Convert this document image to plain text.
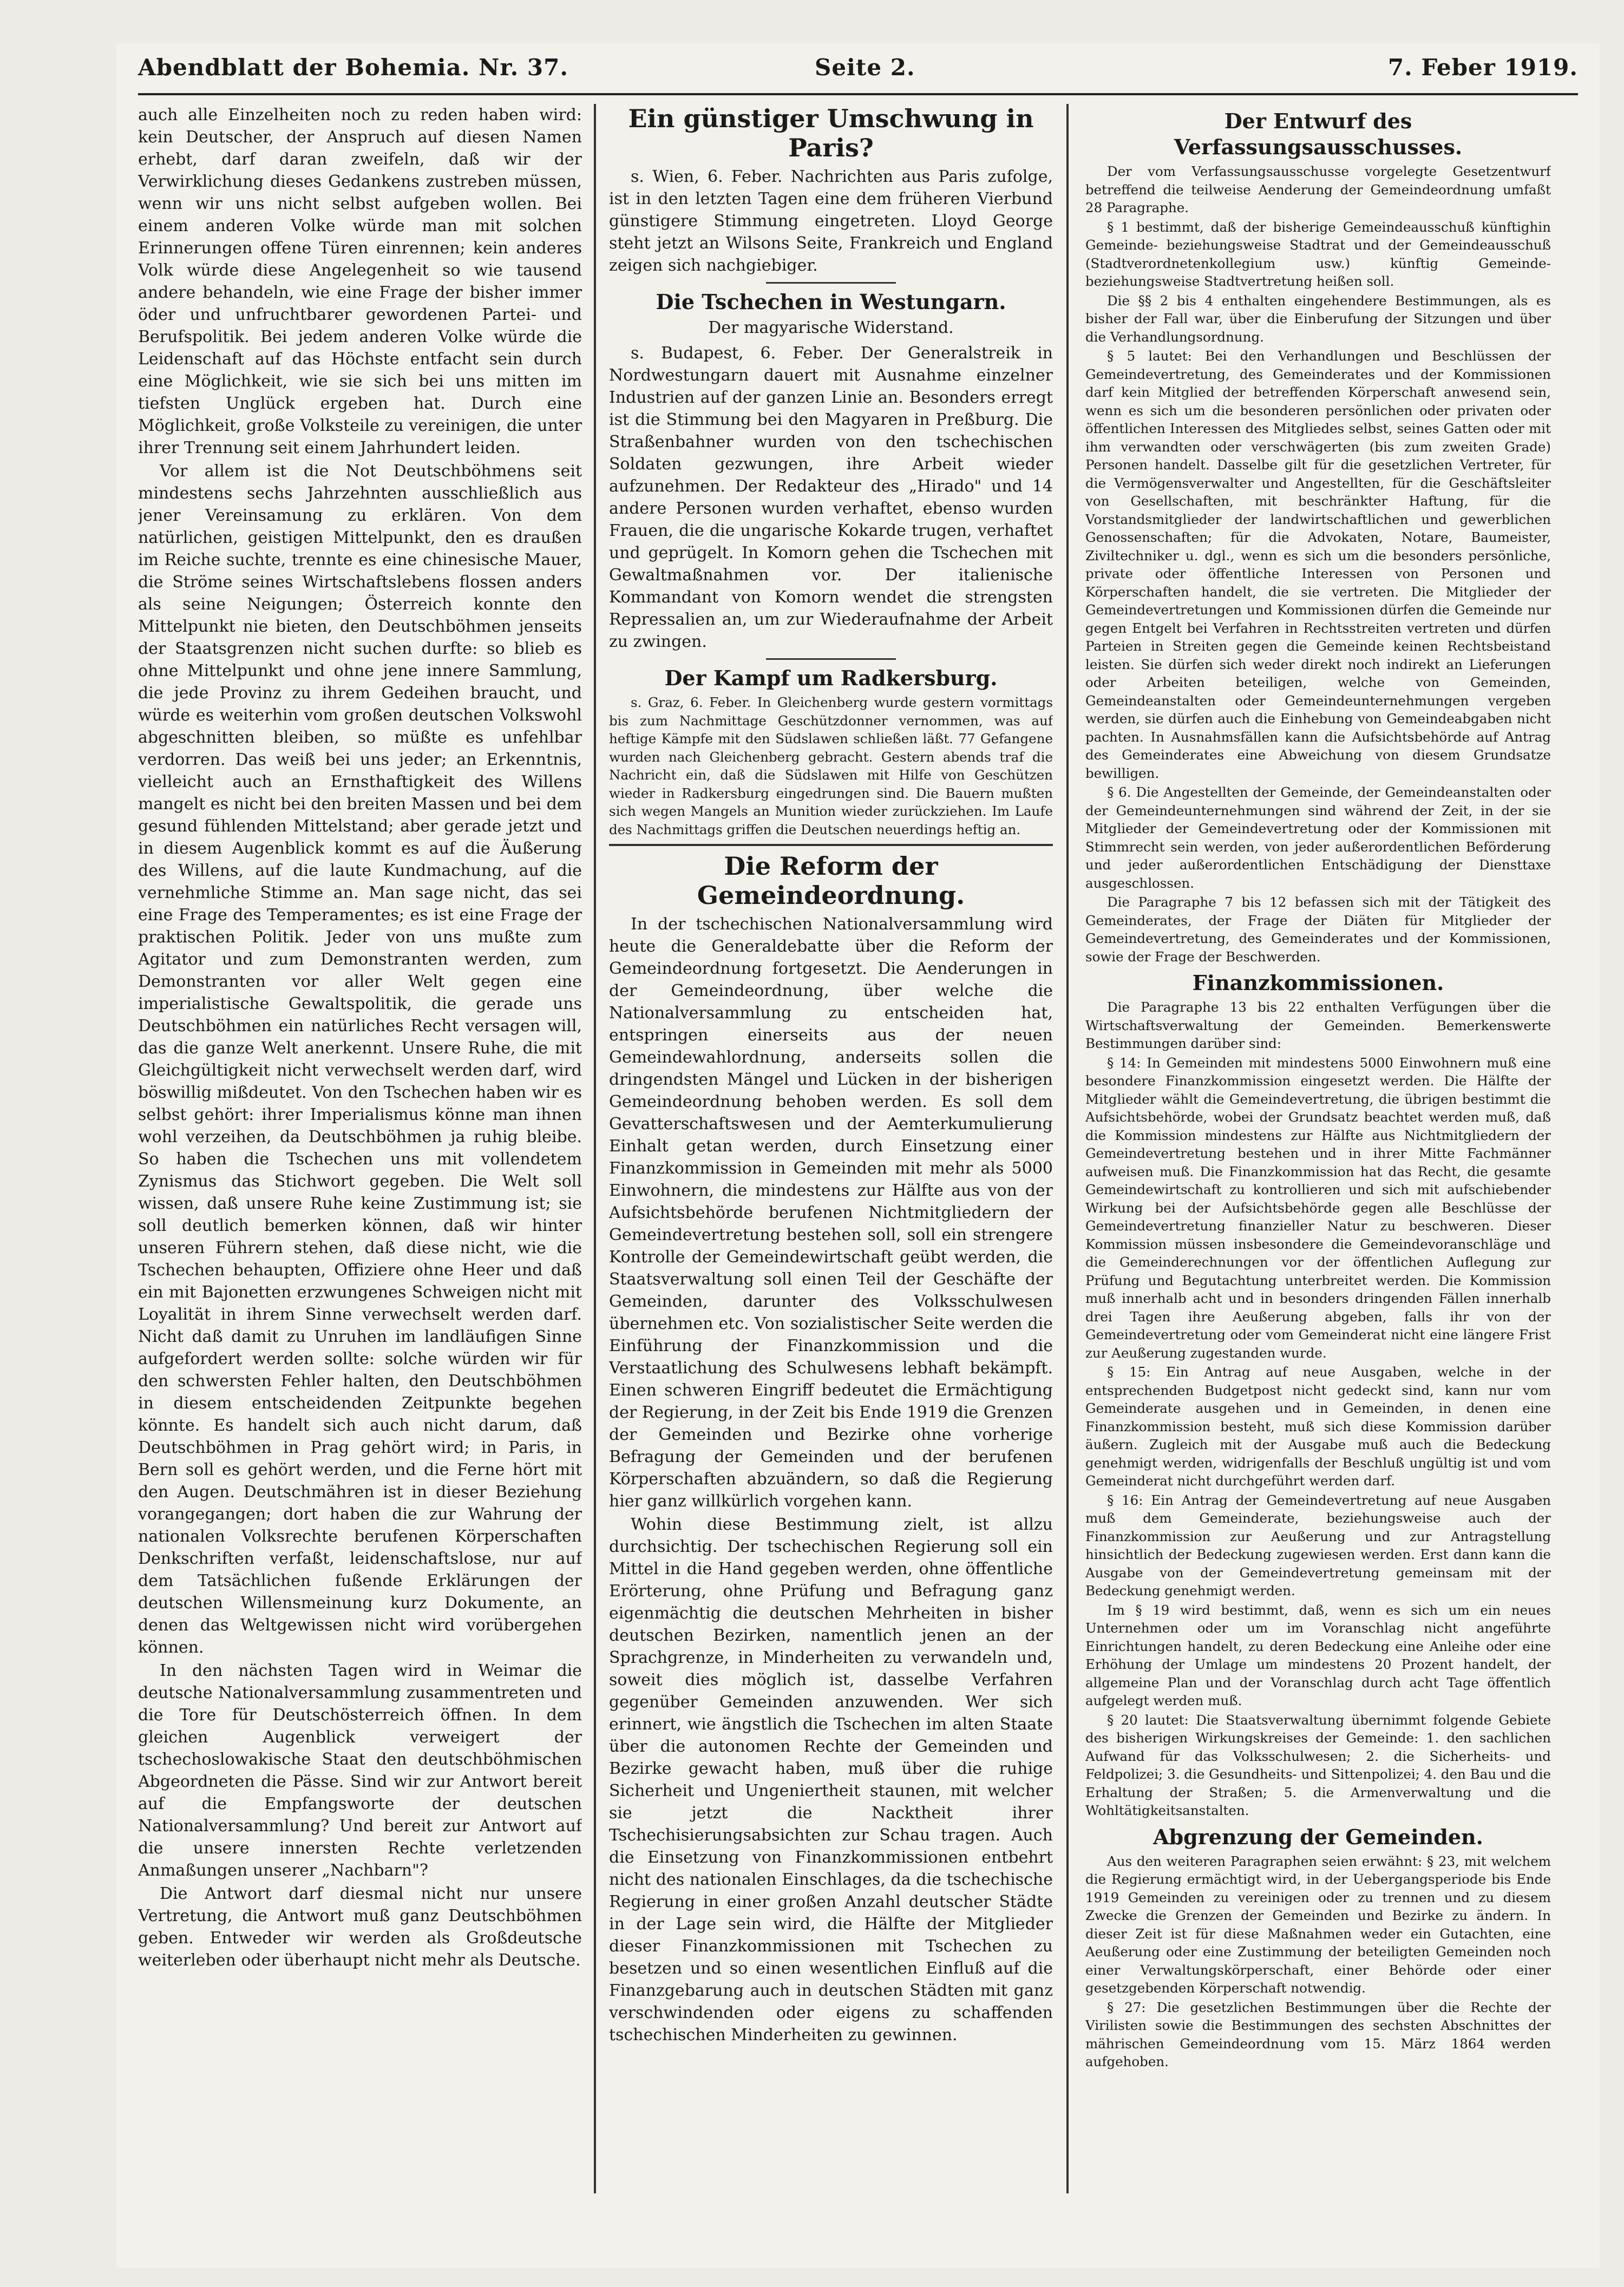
Abendblatt der Bohemia. Nr. 37.	Seite 2.	7. Feber 1919.

auch alle Einzelheiten noch zu reden haben wird: kein Deutscher, der Anspruch auf diesen Namen erhebt, darf daran zweifeln, daß wir der Verwirklichung dieses Gedankens zustreben müssen, wenn wir uns nicht selbst aufgeben wollen. Bei einem anderen Volke würde man mit solchen Erinnerungen offene Türen einrennen; kein anderes Volk würde diese Angelegenheit so wie tausend andere behandeln, wie eine Frage der bisher immer öder und unfruchtbarer gewordenen Partei- und Berufspolitik. Bei jedem anderen Volke würde die Leidenschaft auf das Höchste entfacht sein durch eine Möglichkeit, wie sie sich bei uns mitten im tiefsten Unglück ergeben hat. Durch eine Möglichkeit, große Volksteile zu vereinigen, die unter ihrer Trennung seit einem Jahrhundert leiden.

Vor allem ist die Not Deutschböhmens seit mindestens sechs Jahrzehnten ausschließlich aus jener Vereinsamung zu erklären. Von dem natürlichen, geistigen Mittelpunkt, den es draußen im Reiche suchte, trennte es eine chinesische Mauer, die Ströme seines Wirtschaftslebens flossen anders als seine Neigungen; Österreich konnte den Mittelpunkt nie bieten, den Deutschböhmen jenseits der Staatsgrenzen nicht suchen durfte: so blieb es ohne Mittelpunkt und ohne jene innere Sammlung, die jede Provinz zu ihrem Gedeihen braucht, und würde es weiterhin vom großen deutschen Volkswohl abgeschnitten bleiben, so müßte es unfehlbar verdorren. Das weiß bei uns jeder; an Erkenntnis, vielleicht auch an Ernsthaftigkeit des Willens mangelt es nicht bei den breiten Massen und bei dem gesund fühlenden Mittelstand; aber gerade jetzt und in diesem Augenblick kommt es auf die Äußerung des Willens, auf die laute Kundmachung, auf die vernehmliche Stimme an. Man sage nicht, das sei eine Frage des Temperamentes; es ist eine Frage der praktischen Politik. Jeder von uns mußte zum Agitator und zum Demonstranten werden, zum Demonstranten vor aller Welt gegen eine imperialistische Gewaltspolitik, die gerade uns Deutschböhmen ein natürliches Recht versagen will, das die ganze Welt anerkennt. Unsere Ruhe, die mit Gleichgültigkeit nicht verwechselt werden darf, wird böswillig mißdeutet. Von den Tschechen haben wir es selbst gehört: ihrer Imperialismus könne man ihnen wohl verzeihen, da Deutschböhmen ja ruhig bleibe. So haben die Tschechen uns mit vollendetem Zynismus das Stichwort gegeben. Die Welt soll wissen, daß unsere Ruhe keine Zustimmung ist; sie soll deutlich bemerken können, daß wir hinter unseren Führern stehen, daß diese nicht, wie die Tschechen behaupten, Offiziere ohne Heer und daß ein mit Bajonetten erzwungenes Schweigen nicht mit Loyalität in ihrem Sinne verwechselt werden darf. Nicht daß damit zu Unruhen im landläufigen Sinne aufgefordert werden sollte: solche würden wir für den schwersten Fehler halten, den Deutschböhmen in diesem entscheidenden Zeitpunkte begehen könnte. Es handelt sich auch nicht darum, daß Deutschböhmen in Prag gehört wird; in Paris, in Bern soll es gehört werden, und die Ferne hört mit den Augen. Deutschmähren ist in dieser Beziehung vorangegangen; dort haben die zur Wahrung der nationalen Volksrechte berufenen Körperschaften Denkschriften verfaßt, leidenschaftslose, nur auf dem Tatsächlichen fußende Erklärungen der deutschen Willensmeinung kurz Dokumente, an denen das Weltgewissen nicht wird vorübergehen können.

In den nächsten Tagen wird in Weimar die deutsche Nationalversammlung zusammentreten und die Tore für Deutschösterreich öffnen. In dem gleichen Augenblick verweigert der tschechoslowakische Staat den deutschböhmischen Abgeordneten die Pässe. Sind wir zur Antwort bereit auf die Empfangsworte der deutschen Nationalversammlung? Und bereit zur Antwort auf die unsere innersten Rechte verletzenden Anmaßungen unserer „Nachbarn"?

Die Antwort darf diesmal nicht nur unsere Vertretung, die Antwort muß ganz Deutschböhmen geben. Entweder wir werden als Großdeutsche weiterleben oder überhaupt nicht mehr als Deutsche.

Ein günstiger Umschwung in Paris?

s. Wien, 6. Feber. Nachrichten aus Paris zufolge, ist in den letzten Tagen eine dem früheren Vierbund günstigere Stimmung eingetreten. Lloyd George steht jetzt an Wilsons Seite, Frankreich und England zeigen sich nachgiebiger.

Die Tschechen in Westungarn.
Der magyarische Widerstand.

s. Budapest, 6. Feber. Der Generalstreik in Nordwestungarn dauert mit Ausnahme einzelner Industrien auf der ganzen Linie an. Besonders erregt ist die Stimmung bei den Magyaren in Preßburg. Die Straßenbahner wurden von den tschechischen Soldaten gezwungen, ihre Arbeit wieder aufzunehmen. Der Redakteur des „Hirado" und 14 andere Personen wurden verhaftet, ebenso wurden Frauen, die die ungarische Kokarde trugen, verhaftet und geprügelt. In Komorn gehen die Tschechen mit Gewaltmaßnahmen vor. Der italienische Kommandant von Komorn wendet die strengsten Repressalien an, um zur Wiederaufnahme der Arbeit zu zwingen.

Der Kampf um Radkersburg.

s. Graz, 6. Feber. In Gleichenberg wurde gestern vormittags bis zum Nachmittage Geschützdonner vernommen, was auf heftige Kämpfe mit den Südslawen schließen läßt. 77 Gefangene wurden nach Gleichenberg gebracht. Gestern abends traf die Nachricht ein, daß die Südslawen mit Hilfe von Geschützen wieder in Radkersburg eingedrungen sind. Die Bauern mußten sich wegen Mangels an Munition wieder zurückziehen. Im Laufe des Nachmittags griffen die Deutschen neuerdings heftig an.

Die Reform der Gemeindeordnung.

In der tschechischen Nationalversammlung wird heute die Generaldebatte über die Reform der Gemeindeordnung fortgesetzt. Die Aenderungen in der Gemeindeordnung, über welche die Nationalversammlung zu entscheiden hat, entspringen einerseits aus der neuen Gemeindewahlordnung, anderseits sollen die dringendsten Mängel und Lücken in der bisherigen Gemeindeordnung behoben werden. Es soll dem Gevatterschaftswesen und der Aemterkumulierung Einhalt getan werden, durch Einsetzung einer Finanzkommission in Gemeinden mit mehr als 5000 Einwohnern, die mindestens zur Hälfte aus von der Aufsichtsbehörde berufenen Nichtmitgliedern der Gemeindevertretung bestehen soll, soll ein strengere Kontrolle der Gemeindewirtschaft geübt werden, die Staatsverwaltung soll einen Teil der Geschäfte der Gemeinden, darunter des Volksschulwesen übernehmen etc. Von sozialistischer Seite werden die Einführung der Finanzkommission und die Verstaatlichung des Schulwesens lebhaft bekämpft. Einen schweren Eingriff bedeutet die Ermächtigung der Regierung, in der Zeit bis Ende 1919 die Grenzen der Gemeinden und Bezirke ohne vorherige Befragung der Gemeinden und der berufenen Körperschaften abzuändern, so daß die Regierung hier ganz willkürlich vorgehen kann.

Wohin diese Bestimmung zielt, ist allzu durchsichtig. Der tschechischen Regierung soll ein Mittel in die Hand gegeben werden, ohne öffentliche Erörterung, ohne Prüfung und Befragung ganz eigenmächtig die deutschen Mehrheiten in bisher deutschen Bezirken, namentlich jenen an der Sprachgrenze, in Minderheiten zu verwandeln und, soweit dies möglich ist, dasselbe Verfahren gegenüber Gemeinden anzuwenden. Wer sich erinnert, wie ängstlich die Tschechen im alten Staate über die autonomen Rechte der Gemeinden und Bezirke gewacht haben, muß über die ruhige Sicherheit und Ungeniertheit staunen, mit welcher sie jetzt die Nacktheit ihrer Tschechisierungsabsichten zur Schau tragen. Auch die Einsetzung von Finanzkommissionen entbehrt nicht des nationalen Einschlages, da die tschechische Regierung in einer großen Anzahl deutscher Städte in der Lage sein wird, die Hälfte der Mitglieder dieser Finanzkommissionen mit Tschechen zu besetzen und so einen wesentlichen Einfluß auf die Finanzgebarung auch in deutschen Städten mit ganz verschwindenden oder eigens zu schaffenden tschechischen Minderheiten zu gewinnen.

Der Entwurf des Verfassungsausschusses.

Der vom Verfassungsausschusse vorgelegte Gesetzentwurf betreffend die teilweise Aenderung der Gemeindeordnung umfaßt 28 Paragraphe.

§ 1 bestimmt, daß der bisherige Gemeindeausschuß künftighin Gemeinde- beziehungsweise Stadtrat und der Gemeindeausschuß (Stadtverordnetenkollegium usw.) künftig Gemeinde- beziehungsweise Stadtvertretung heißen soll.

Die §§ 2 bis 4 enthalten eingehendere Bestimmungen, als es bisher der Fall war, über die Einberufung der Sitzungen und über die Verhandlungsordnung.

§ 5 lautet: Bei den Verhandlungen und Beschlüssen der Gemeindevertretung, des Gemeinderates und der Kommissionen darf kein Mitglied der betreffenden Körperschaft anwesend sein, wenn es sich um die besonderen persönlichen oder privaten oder öffentlichen Interessen des Mitgliedes selbst, seines Gatten oder mit ihm verwandten oder verschwägerten (bis zum zweiten Grade) Personen handelt. Dasselbe gilt für die gesetzlichen Vertreter, für die Vermögensverwalter und Angestellten, für die Geschäftsleiter von Gesellschaften, mit beschränkter Haftung, für die Vorstandsmitglieder der landwirtschaftlichen und gewerblichen Genossenschaften; für die Advokaten, Notare, Baumeister, Ziviltechniker u. dgl., wenn es sich um die besonders persönliche, private oder öffentliche Interessen von Personen und Körperschaften handelt, die sie vertreten. Die Mitglieder der Gemeindevertretungen und Kommissionen dürfen die Gemeinde nur gegen Entgelt bei Verfahren in Rechtsstreiten vertreten und dürfen Parteien in Streiten gegen die Gemeinde keinen Rechtsbeistand leisten. Sie dürfen sich weder direkt noch indirekt an Lieferungen oder Arbeiten beteiligen, welche von Gemeinden, Gemeindeanstalten oder Gemeindeunternehmungen vergeben werden, sie dürfen auch die Einhebung von Gemeindeabgaben nicht pachten. In Ausnahmsfällen kann die Aufsichtsbehörde auf Antrag des Gemeinderates eine Abweichung von diesem Grundsatze bewilligen.

§ 6. Die Angestellten der Gemeinde, der Gemeindeanstalten oder der Gemeindeunternehmungen sind während der Zeit, in der sie Mitglieder der Gemeindevertretung oder der Kommissionen mit Stimmrecht sein werden, von jeder außerordentlichen Beförderung und jeder außerordentlichen Entschädigung der Diensttaxe ausgeschlossen.

Die Paragraphe 7 bis 12 befassen sich mit der Tätigkeit des Gemeinderates, der Frage der Diäten für Mitglieder der Gemeindevertretung, des Gemeinderates und der Kommissionen, sowie der Frage der Beschwerden.

Finanzkommissionen.

Die Paragraphe 13 bis 22 enthalten Verfügungen über die Wirtschaftsverwaltung der Gemeinden. Bemerkenswerte Bestimmungen darüber sind:

§ 14: In Gemeinden mit mindestens 5000 Einwohnern muß eine besondere Finanzkommission eingesetzt werden. Die Hälfte der Mitglieder wählt die Gemeindevertretung, die übrigen bestimmt die Aufsichtsbehörde, wobei der Grundsatz beachtet werden muß, daß die Kommission mindestens zur Hälfte aus Nichtmitgliedern der Gemeindevertretung bestehen und in ihrer Mitte Fachmänner aufweisen muß. Die Finanzkommission hat das Recht, die gesamte Gemeindewirtschaft zu kontrollieren und sich mit aufschiebender Wirkung bei der Aufsichtsbehörde gegen alle Beschlüsse der Gemeindevertretung finanzieller Natur zu beschweren. Dieser Kommission müssen insbesondere die Gemeindevoranschläge und die Gemeinderechnungen vor der öffentlichen Auflegung zur Prüfung und Begutachtung unterbreitet werden. Die Kommission muß innerhalb acht und in besonders dringenden Fällen innerhalb drei Tagen ihre Aeußerung abgeben, falls ihr von der Gemeindevertretung oder vom Gemeinderat nicht eine längere Frist zur Aeußerung zugestanden wurde.

§ 15: Ein Antrag auf neue Ausgaben, welche in der entsprechenden Budgetpost nicht gedeckt sind, kann nur vom Gemeinderate ausgehen und in Gemeinden, in denen eine Finanzkommission besteht, muß sich diese Kommission darüber äußern. Zugleich mit der Ausgabe muß auch die Bedeckung genehmigt werden, widrigenfalls der Beschluß ungültig ist und vom Gemeinderat nicht durchgeführt werden darf.

§ 16: Ein Antrag der Gemeindevertretung auf neue Ausgaben muß dem Gemeinderate, beziehungsweise auch der Finanzkommission zur Aeußerung und zur Antragstellung hinsichtlich der Bedeckung zugewiesen werden. Erst dann kann die Ausgabe von der Gemeindevertretung gemeinsam mit der Bedeckung genehmigt werden.

Im § 19 wird bestimmt, daß, wenn es sich um ein neues Unternehmen oder um im Voranschlag nicht angeführte Einrichtungen handelt, zu deren Bedeckung eine Anleihe oder eine Erhöhung der Umlage um mindestens 20 Prozent handelt, der allgemeine Plan und der Voranschlag durch acht Tage öffentlich aufgelegt werden muß.

§ 20 lautet: Die Staatsverwaltung übernimmt folgende Gebiete des bisherigen Wirkungskreises der Gemeinde: 1. den sachlichen Aufwand für das Volksschulwesen; 2. die Sicherheits- und Feldpolizei; 3. die Gesundheits- und Sittenpolizei; 4. den Bau und die Erhaltung der Straßen; 5. die Armenverwaltung und die Wohltätigkeitsanstalten.

Abgrenzung der Gemeinden.

Aus den weiteren Paragraphen seien erwähnt: § 23, mit welchem die Regierung ermächtigt wird, in der Uebergangsperiode bis Ende 1919 Gemeinden zu vereinigen oder zu trennen und zu diesem Zwecke die Grenzen der Gemeinden und Bezirke zu ändern. In dieser Zeit ist für diese Maßnahmen weder ein Gutachten, eine Aeußerung oder eine Zustimmung der beteiligten Gemeinden noch einer Verwaltungskörperschaft, einer Behörde oder einer gesetzgebenden Körperschaft notwendig.

§ 27: Die gesetzlichen Bestimmungen über die Rechte der Virilisten sowie die Bestimmungen des sechsten Abschnittes der mährischen Gemeindeordnung vom 15. März 1864 werden aufgehoben.
